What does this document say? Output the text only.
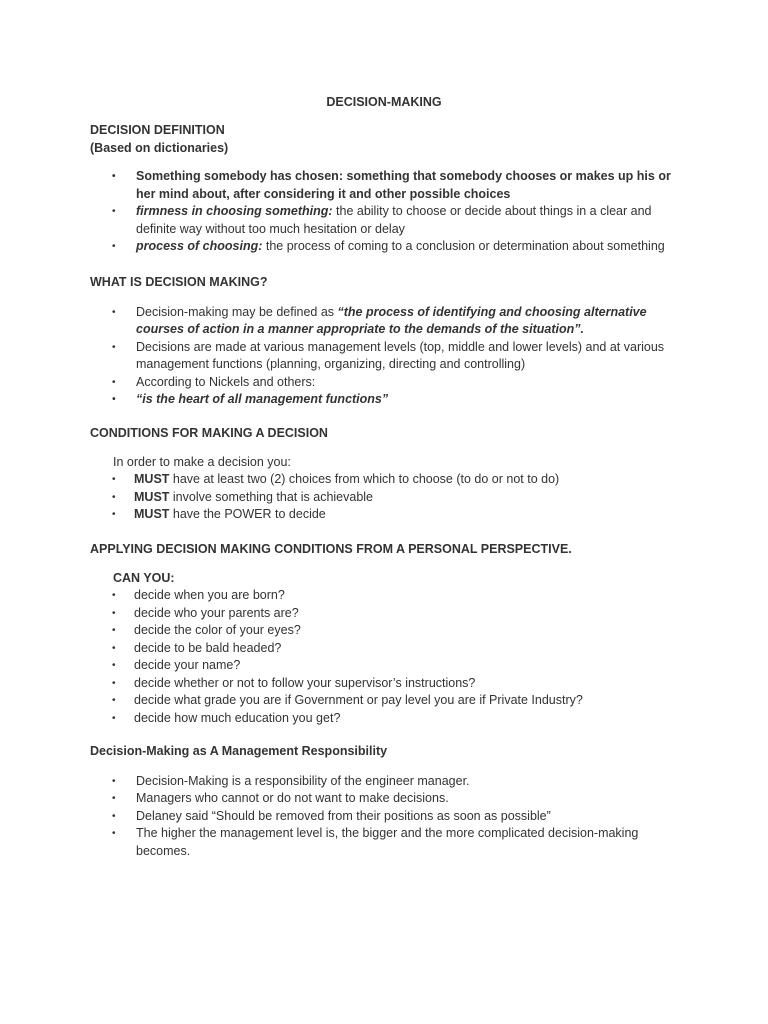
DECISION-MAKING
DECISION DEFINITION
(Based on dictionaries)
• Something somebody has chosen: something that somebody chooses or makes up his or her mind about, after considering it and other possible choices
• firmness in choosing something: the ability to choose or decide about things in a clear and definite way without too much hesitation or delay
• process of choosing: the process of coming to a conclusion or determination about something
WHAT IS DECISION MAKING?
• Decision-making may be defined as “the process of identifying and choosing alternative courses of action in a manner appropriate to the demands of the situation”.
• Decisions are made at various management levels (top, middle and lower levels) and at various management functions (planning, organizing, directing and controlling)
• According to Nickels and others:
• “is the heart of all management functions”
CONDITIONS FOR MAKING A DECISION
In order to make a decision you:
• MUST have at least two (2) choices from which to choose (to do or not to do)
• MUST involve something that is achievable
• MUST have the POWER to decide
APPLYING DECISION MAKING CONDITIONS FROM A PERSONAL PERSPECTIVE.
CAN YOU:
• decide when you are born?
• decide who your parents are?
• decide the color of your eyes?
• decide to be bald headed?
• decide your name?
• decide whether or not to follow your supervisor’s instructions?
• decide what grade you are if Government or pay level you are if Private Industry?
• decide how much education you get?
Decision-Making as A Management Responsibility
• Decision-Making is a responsibility of the engineer manager.
• Managers who cannot or do not want to make decisions.
• Delaney said “Should be removed from their positions as soon as possible”
• The higher the management level is, the bigger and the more complicated decision-making becomes.
